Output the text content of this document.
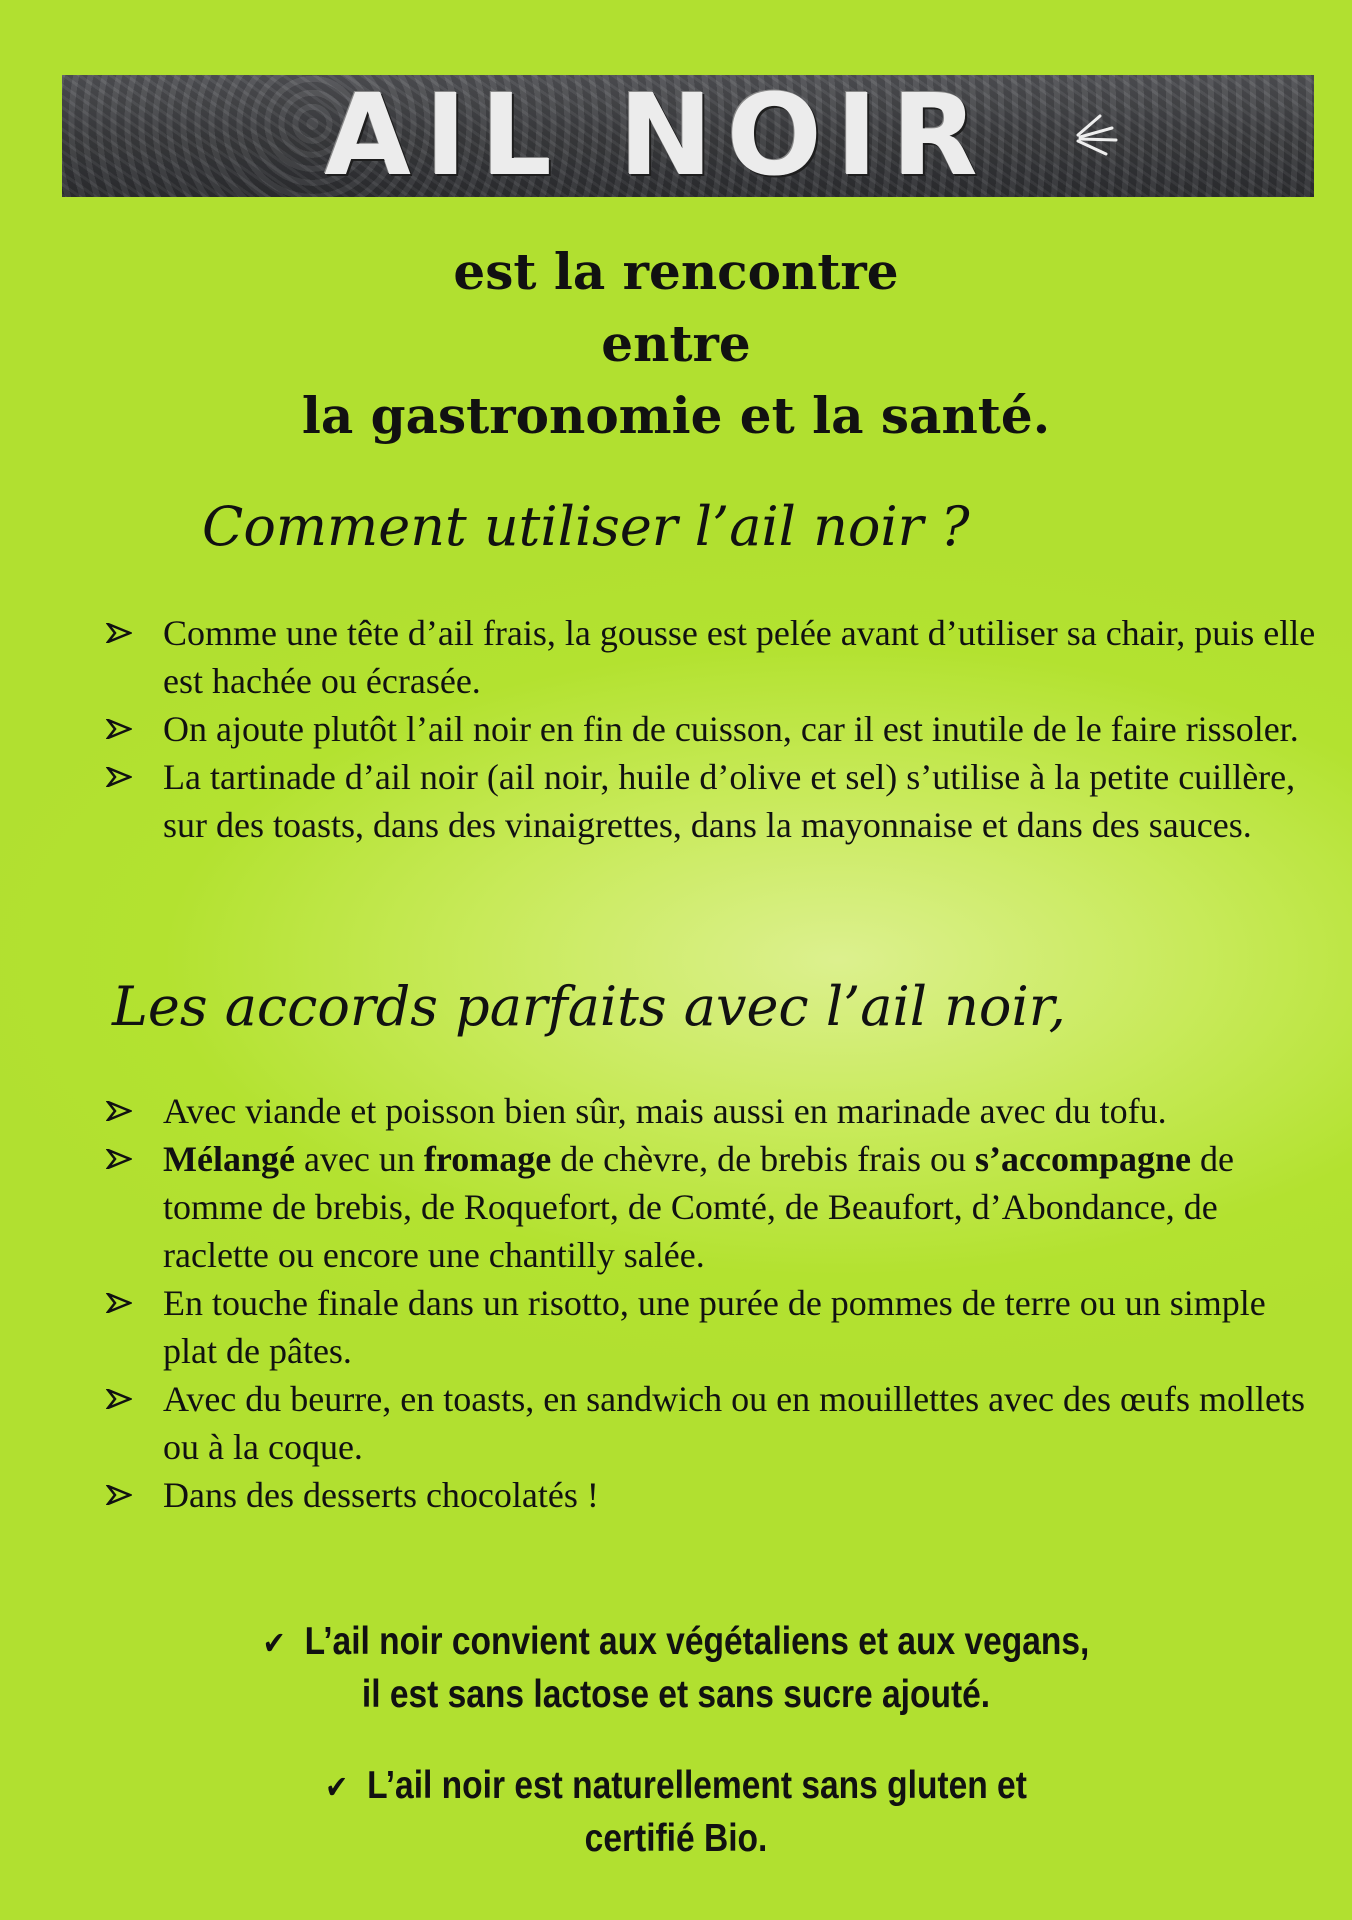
AIL NOIR
est la rencontre
entre
la gastronomie et la santé.
Comment utiliser l’ail noir ?
Comme une tête d’ail frais, la gousse est pelée avant d’utiliser sa chair, puis elle est hachée ou écrasée.
On ajoute plutôt l’ail noir en fin de cuisson, car il est inutile de le faire rissoler.
La tartinade d’ail noir (ail noir, huile d’olive et sel) s’utilise à la petite cuillère, sur des toasts, dans des vinaigrettes, dans la mayonnaise et dans des sauces.
Les accords parfaits avec l’ail noir,
Avec viande et poisson bien sûr, mais aussi en marinade avec du tofu.
Mélangé avec un fromage de chèvre, de brebis frais ou s’accompagne de tomme de brebis, de Roquefort, de Comté, de Beaufort, d’Abondance, de raclette ou encore une chantilly salée.
En touche finale dans un risotto, une purée de pommes de terre ou un simple plat de pâtes.
Avec du beurre, en toasts, en sandwich ou en mouillettes avec des œufs mollets ou à la coque.
Dans des desserts chocolatés !
✔ L’ail noir convient aux végétaliens et aux vegans,
il est sans lactose et sans sucre ajouté.
✔ L’ail noir est naturellement sans gluten et
certifié Bio.
